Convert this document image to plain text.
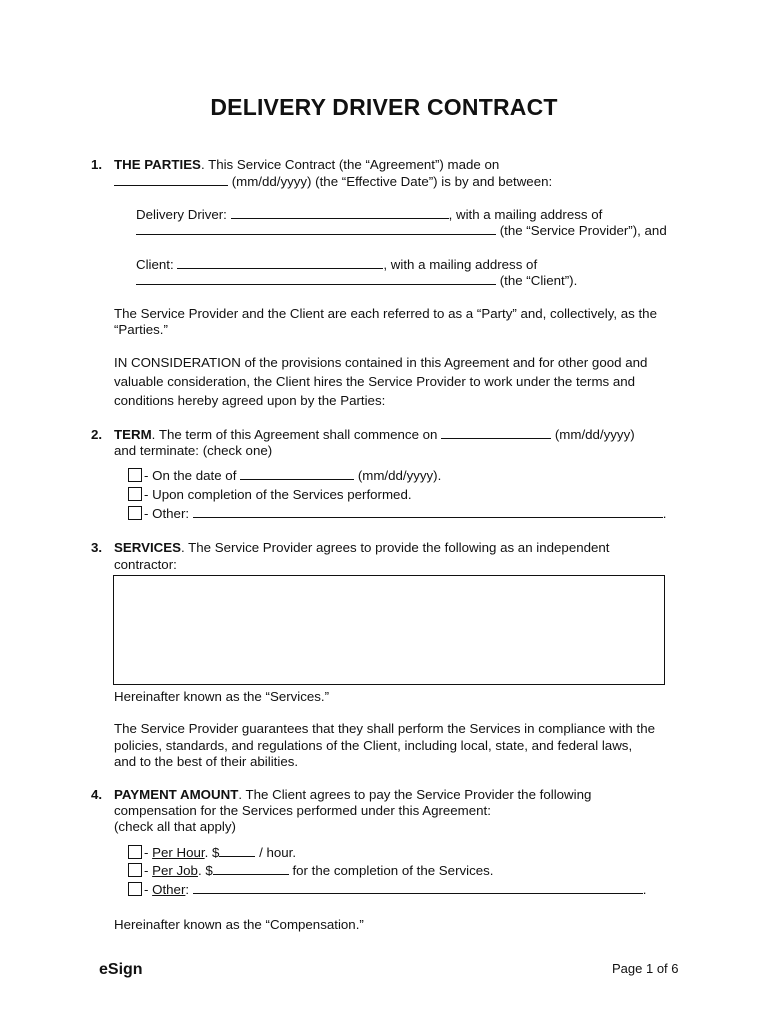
DELIVERY DRIVER CONTRACT
1. THE PARTIES. This Service Contract (the “Agreement”) made on
(mm/dd/yyyy) (the “Effective Date”) is by and between:
Delivery Driver:	, with a mailing address of
(the “Service Provider”), and
Client:	, with a mailing address of
(the “Client”).
The Service Provider and the Client are each referred to as a “Party” and, collectively, as the
“Parties.”
IN CONSIDERATION of the provisions contained in this Agreement and for other good and
valuable consideration, the Client hires the Service Provider to work under the terms and
conditions hereby agreed upon by the Parties:
2. TERM. The term of this Agreement shall commence on	(mm/dd/yyyy)
and terminate: (check one)
- On the date of	(mm/dd/yyyy).
- Upon completion of the Services performed.
- Other:	.
3. SERVICES. The Service Provider agrees to provide the following as an independent
contractor:
Hereinafter known as the “Services.”
The Service Provider guarantees that they shall perform the Services in compliance with the
policies, standards, and regulations of the Client, including local, state, and federal laws,
and to the best of their abilities.
4. PAYMENT AMOUNT. The Client agrees to pay the Service Provider the following
compensation for the Services performed under this Agreement:
(check all that apply)
- Per Hour. $	/ hour.
- Per Job. $	for the completion of the Services.
- Other:	.
Hereinafter known as the “Compensation.”
eSign	Page 1 of 6
